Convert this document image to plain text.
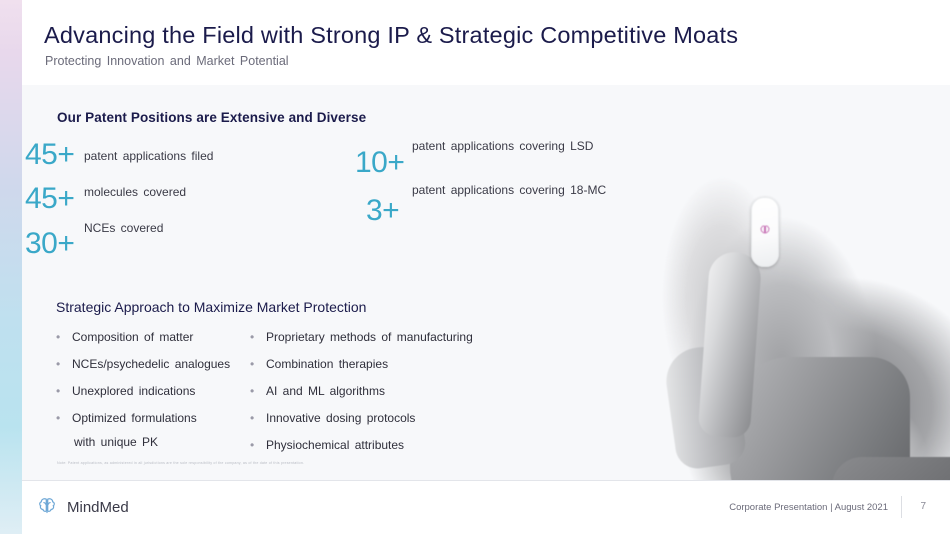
Advancing the Field with Strong IP & Strategic Competitive Moats
Protecting Innovation and Market Potential
Our Patent Positions are Extensive and Diverse
45+ patent applications filed
45+ molecules covered
30+ NCEs covered
10+ patent applications covering LSD
3+
patent applications covering 18-MC
Strategic Approach to Maximize Market Protection
• Composition of matter
• NCEs/psychedelic analogues
• Unexplored indications
• Optimized formulations
with unique PK
• Proprietary methods of manufacturing
• Combination therapies
• AI and ML algorithms
• Innovative dosing protocols
• Physiochemical attributes
Note: Patent applications, as administered in all jurisdictions are the sole responsibility of the company, as of the date of this presentation.
MindMed	Corporate Presentation | August 2021	7
